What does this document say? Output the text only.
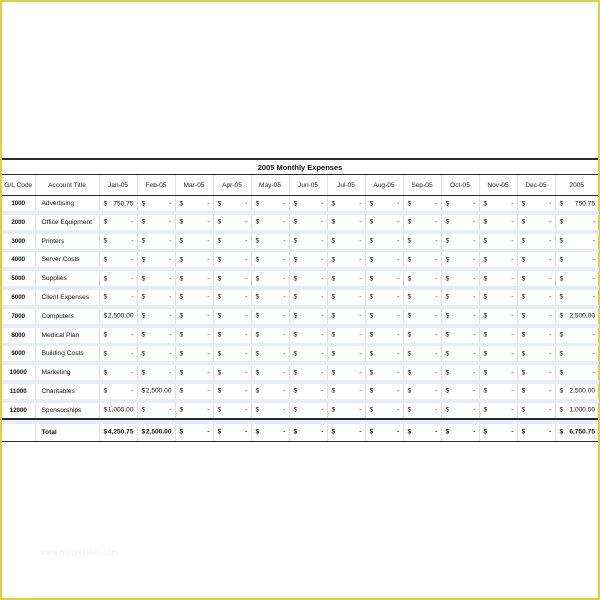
2005 Monthly Expenses
G/L Code	Account Title	Jan-05	Feb-05	Mar-05	Apr-05	May-05	Jun-05	Jul-05	Aug-05	Sep-05	Oct-05	Nov-05	Dec-05	2005
1000	Advertising	$ 750.75	$ -	$ -	$ -	$ -	$ -	$ -	$ -	$ -	$ -	$ -	$ -	$ 750.75

2000	Office Equipment	$ -	$ -	$ -	$ -	$ -	$ -	$ -	$ -	$ -	$ -	$ -	$ -	$ -

3000	Printers	$ -	$ -	$ -	$ -	$ -	$ -	$ -	$ -	$ -	$ -	$ -	$ -	$ -

4000	Server Costs	$ -	$ -	$ -	$ -	$ -	$ -	$ -	$ -	$ -	$ -	$ -	$ -	$ -

5000	Supplies	$ -	$ -	$ -	$ -	$ -	$ -	$ -	$ -	$ -	$ -	$ -	$ -	$ -

6000	Client Expenses	$ -	$ -	$ -	$ -	$ -	$ -	$ -	$ -	$ -	$ -	$ -	$ -	$ -

7000	Computers	$ 2,500.00	$ -	$ -	$ -	$ -	$ -	$ -	$ -	$ -	$ -	$ -	$ -	$ 2,500.00

8000	Medical Plan	$ -	$ -	$ -	$ -	$ -	$ -	$ -	$ -	$ -	$ -	$ -	$ -	$ -

9000	Building Costs	$ -	$ -	$ -	$ -	$ -	$ -	$ -	$ -	$ -	$ -	$ -	$ -	$ -

10000	Marketing	$ -	$ -	$ -	$ -	$ -	$ -	$ -	$ -	$ -	$ -	$ -	$ -	$ -

11000	Charitables	$ -	$ 2,500.00	$ -	$ -	$ -	$ -	$ -	$ -	$ -	$ -	$ -	$ -	$ 2,500.00

12000	Sponsorships	$ 1,000.00	$ -	$ -	$ -	$ -	$ -	$ -	$ -	$ -	$ -	$ -	$ -	$ 1,000.00

	Total	$ 4,250.75	$ 2,500.00	$ -	$ -	$ -	$ -	$ -	$ -	$ -	$ -	$ -	$ -	$ 6,750.75
www.bigpixelnet.com
